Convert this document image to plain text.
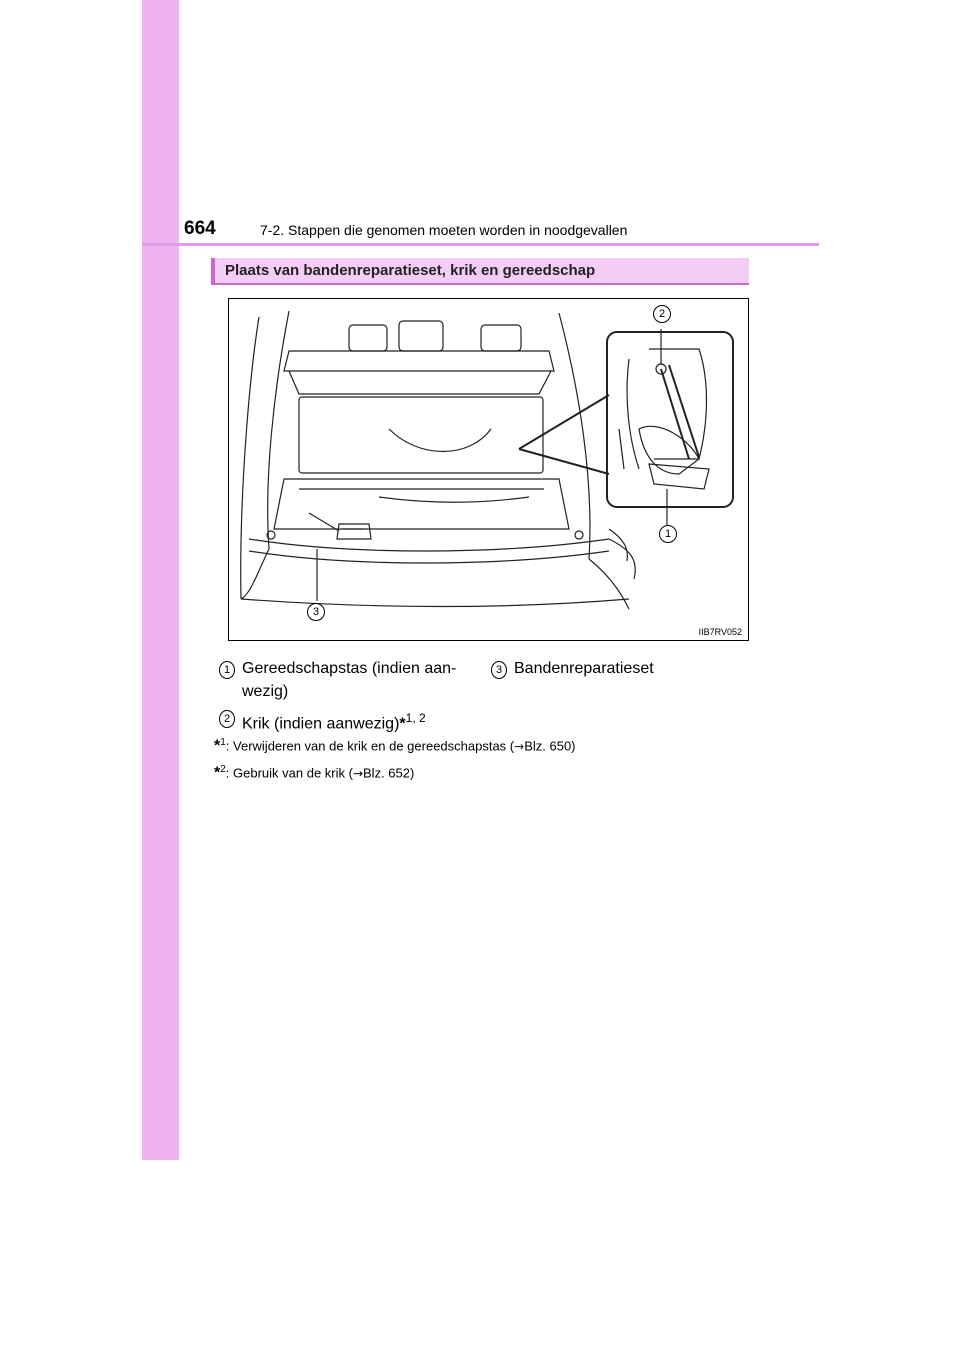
664	7-2. Stappen die genomen moeten worden in noodgevallen
Plaats van bandenreparatieset, krik en gereedschap
2
1
3
IIB7RV052
1 Gereedschapstas (indien aan-
wezig)
3 Bandenreparatieset
2 Krik (indien aanwezig)*$^{1, 2}$
*$^1$: Verwijderen van de krik en de gereedschapstas (→Blz. 650)
*$^2$: Gebruik van de krik (→Blz. 652)
